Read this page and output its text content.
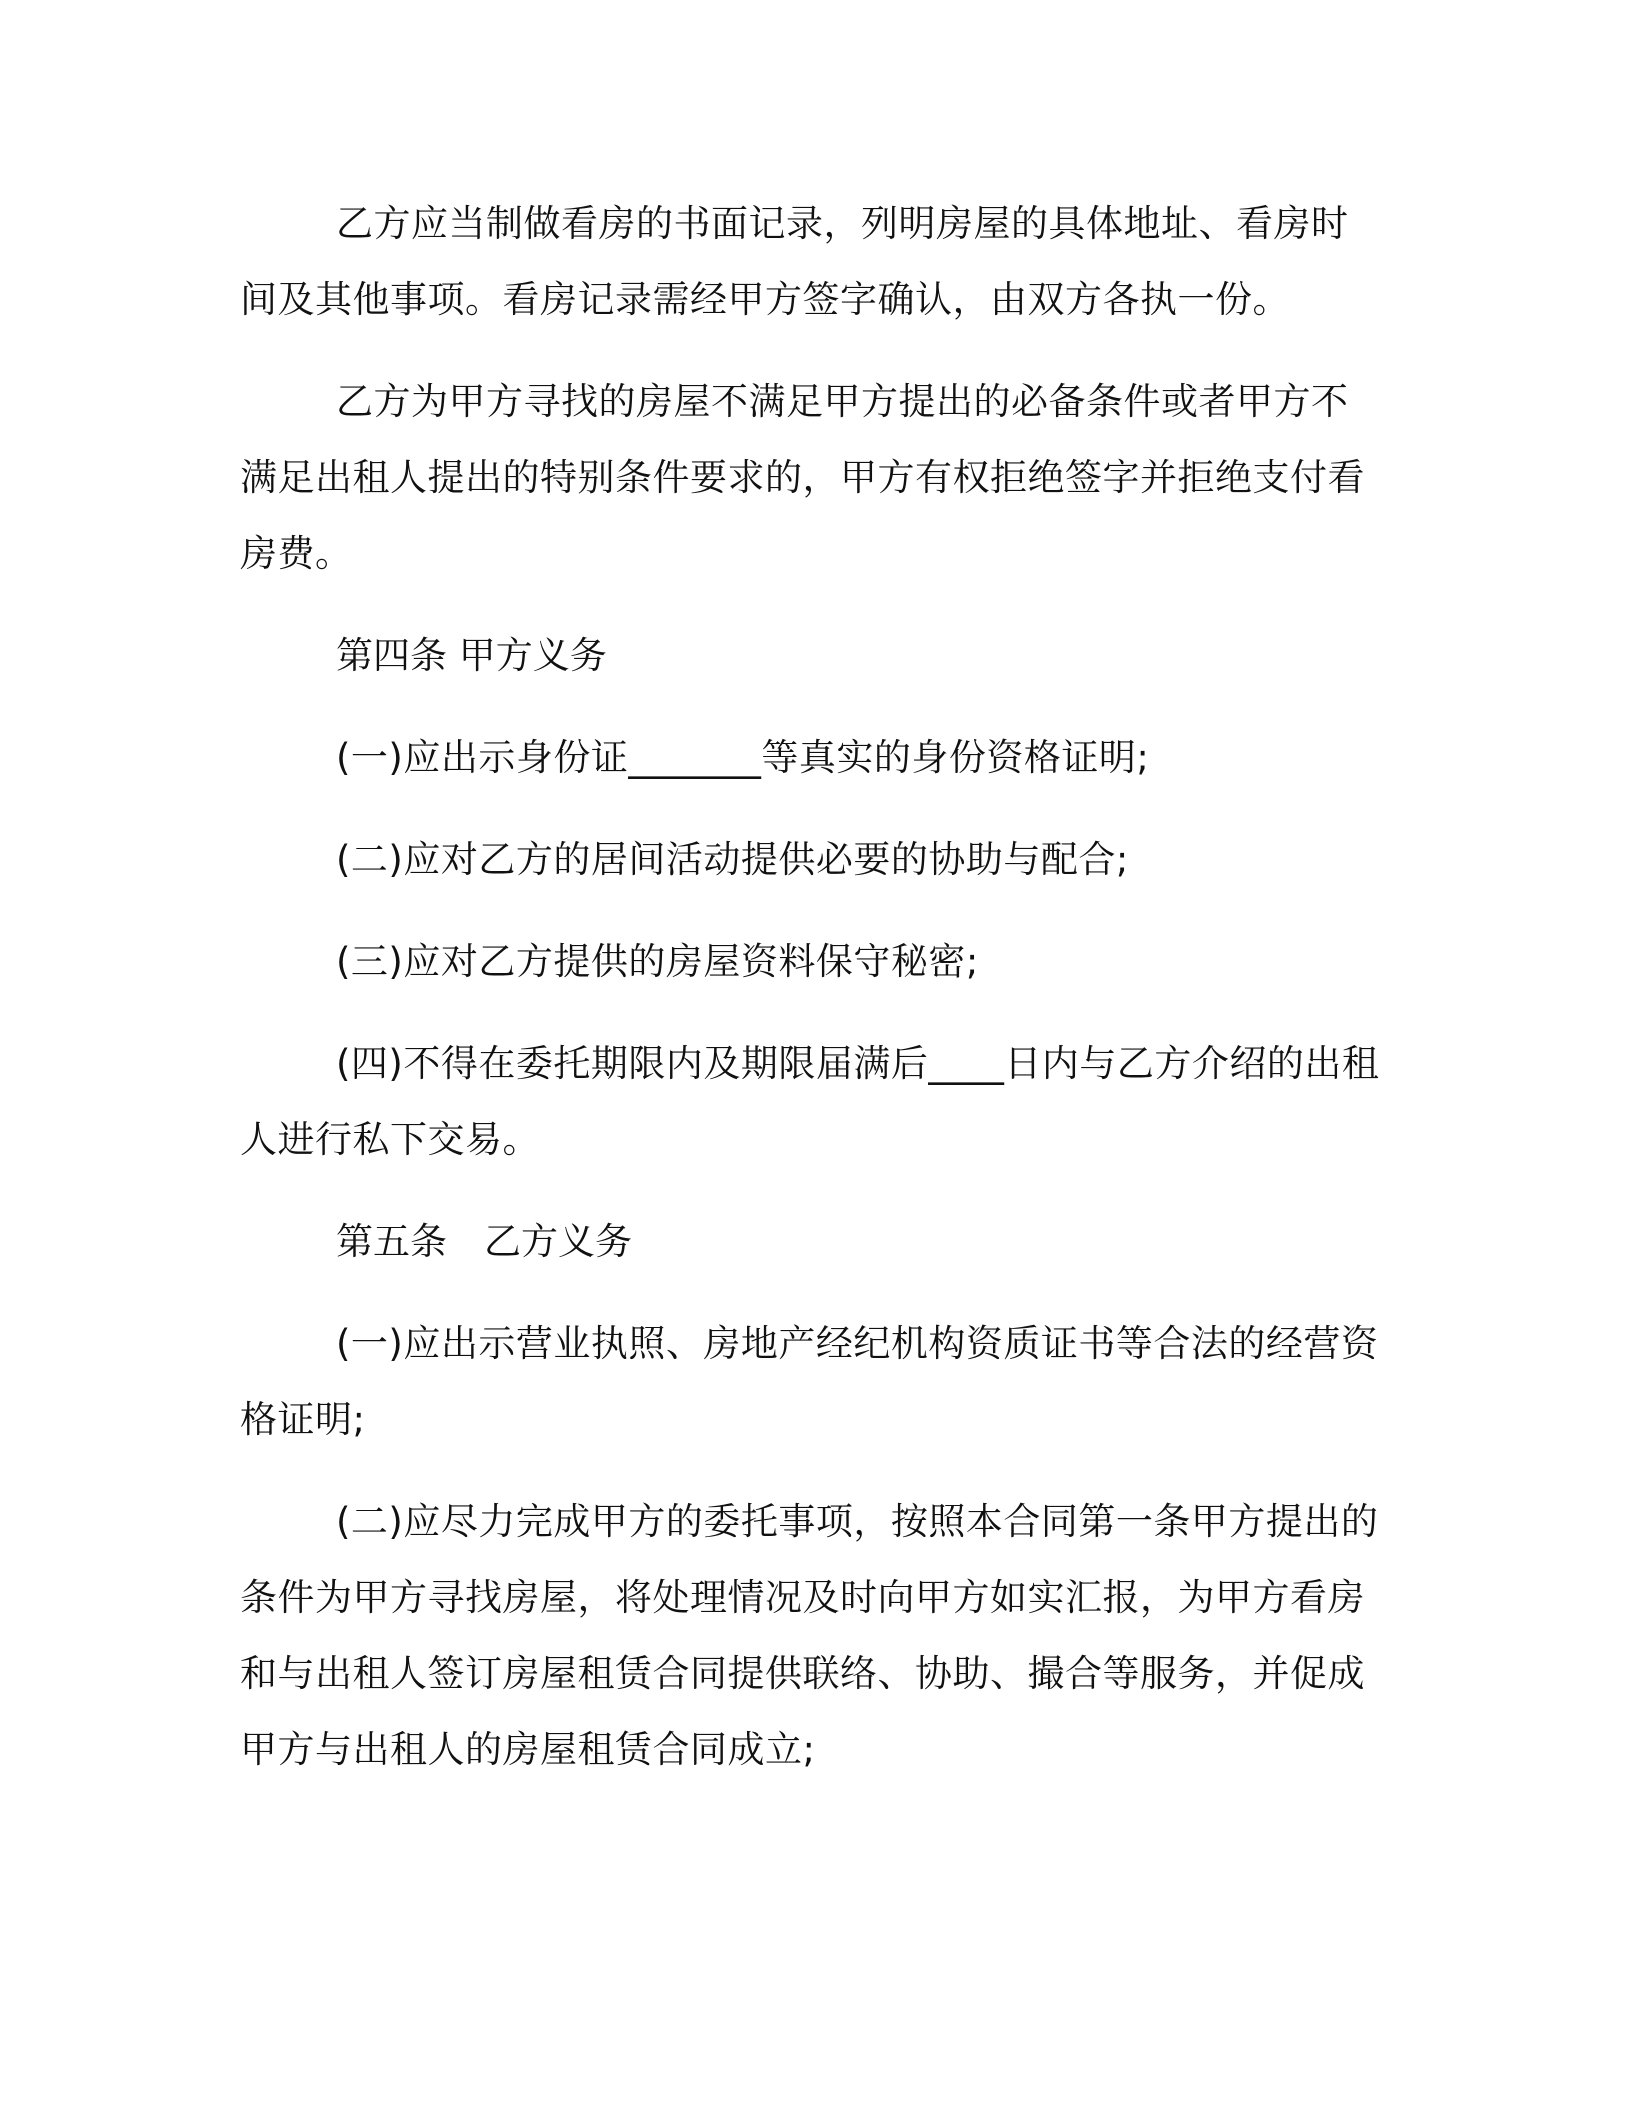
乙方应当制做看房的书面记录，列明房屋的具体地址、看房时间及其他事项。看房记录需经甲方签字确认，由双方各执一份。

乙方为甲方寻找的房屋不满足甲方提出的必备条件或者甲方不满足出租人提出的特别条件要求的，甲方有权拒绝签字并拒绝支付看房费。

第四条 甲方义务

(一)应出示身份证_______等真实的身份资格证明;

(二)应对乙方的居间活动提供必要的协助与配合;

(三)应对乙方提供的房屋资料保守秘密;

(四)不得在委托期限内及期限届满后____日内与乙方介绍的出租人进行私下交易。

第五条　乙方义务

(一)应出示营业执照、房地产经纪机构资质证书等合法的经营资格证明;

(二)应尽力完成甲方的委托事项，按照本合同第一条甲方提出的条件为甲方寻找房屋，将处理情况及时向甲方如实汇报，为甲方看房和与出租人签订房屋租赁合同提供联络、协助、撮合等服务，并促成甲方与出租人的房屋租赁合同成立;
